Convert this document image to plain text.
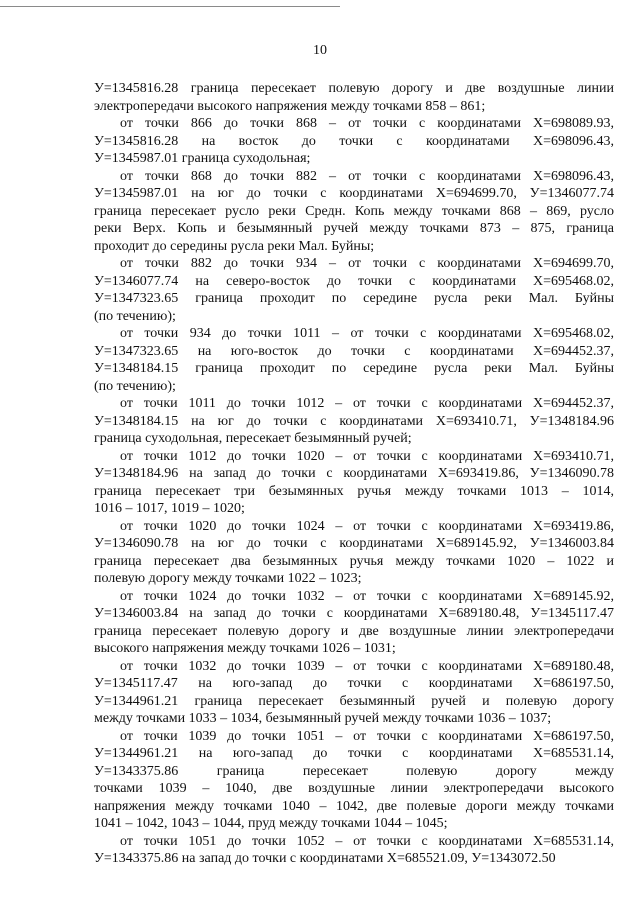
10

У=1345816.28 граница пересекает полевую дорогу и две воздушные линии
электропередачи высокого напряжения между точками 858 – 861;

от точки 866 до точки 868 – от точки с координатами Х=698089.93,
У=1345816.28 на восток до точки с координатами Х=698096.43,
У=1345987.01 граница суходольная;

от точки 868 до точки 882 – от точки с координатами Х=698096.43,
У=1345987.01 на юг до точки с координатами Х=694699.70, У=1346077.74
граница пересекает русло реки Средн. Копь между точками 868 – 869, русло
реки Верх. Копь и безымянный ручей между точками 873 – 875, граница
проходит до середины русла реки Мал. Буйны;

от точки 882 до точки 934 – от точки с координатами Х=694699.70,
У=1346077.74 на северо-восток до точки с координатами Х=695468.02,
У=1347323.65 граница проходит по середине русла реки Мал. Буйны
(по течению);

от точки 934 до точки 1011 – от точки с координатами Х=695468.02,
У=1347323.65 на юго-восток до точки с координатами Х=694452.37,
У=1348184.15 граница проходит по середине русла реки Мал. Буйны
(по течению);

от точки 1011 до точки 1012 – от точки с координатами Х=694452.37,
У=1348184.15 на юг до точки с координатами Х=693410.71, У=1348184.96
граница суходольная, пересекает безымянный ручей;

от точки 1012 до точки 1020 – от точки с координатами Х=693410.71,
У=1348184.96 на запад до точки с координатами Х=693419.86, У=1346090.78
граница пересекает три безымянных ручья между точками 1013 – 1014,
1016 – 1017, 1019 – 1020;

от точки 1020 до точки 1024 – от точки с координатами Х=693419.86,
У=1346090.78 на юг до точки с координатами Х=689145.92, У=1346003.84
граница пересекает два безымянных ручья между точками 1020 – 1022 и
полевую дорогу между точками 1022 – 1023;

от точки 1024 до точки 1032 – от точки с координатами Х=689145.92,
У=1346003.84 на запад до точки с координатами Х=689180.48, У=1345117.47
граница пересекает полевую дорогу и две воздушные линии электропередачи
высокого напряжения между точками 1026 – 1031;

от точки 1032 до точки 1039 – от точки с координатами Х=689180.48,
У=1345117.47 на юго-запад до точки с координатами Х=686197.50,
У=1344961.21 граница пересекает безымянный ручей и полевую дорогу
между точками 1033 – 1034, безымянный ручей между точками 1036 – 1037;

от точки 1039 до точки 1051 – от точки с координатами Х=686197.50,
У=1344961.21 на юго-запад до точки с координатами Х=685531.14,
У=1343375.86 граница пересекает полевую дорогу между
точками 1039 – 1040, две воздушные линии электропередачи высокого
напряжения между точками 1040 – 1042, две полевые дороги между точками
1041 – 1042, 1043 – 1044, пруд между точками 1044 – 1045;

от точки 1051 до точки 1052 – от точки с координатами Х=685531.14,
У=1343375.86 на запад до точки с координатами Х=685521.09, У=1343072.50
